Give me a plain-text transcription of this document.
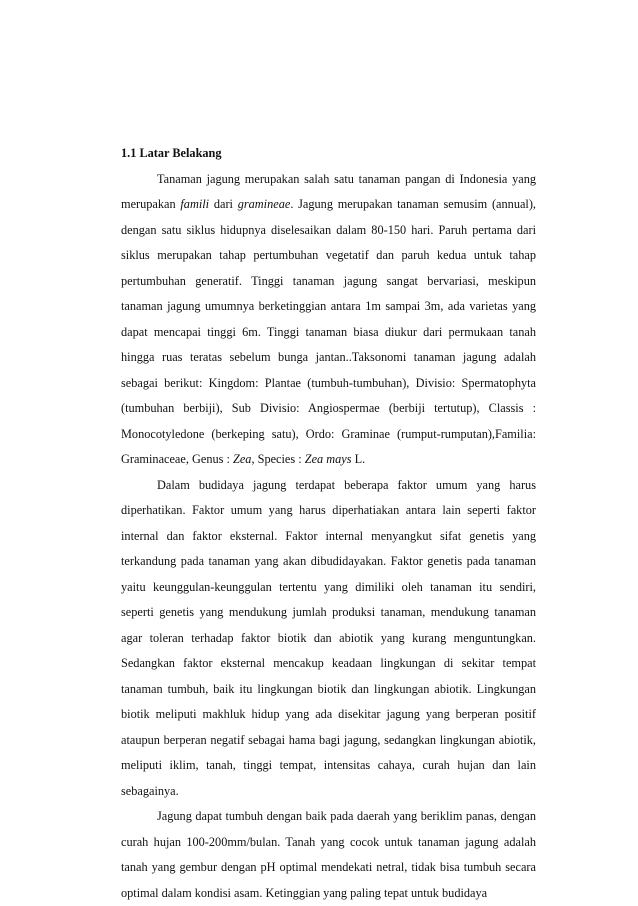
1.1 Latar Belakang

Tanaman jagung merupakan salah satu tanaman pangan di Indonesia yang merupakan famili dari gramineae. Jagung merupakan tanaman semusim (annual), dengan satu siklus hidupnya diselesaikan dalam 80-150 hari. Paruh pertama dari siklus merupakan tahap pertumbuhan vegetatif dan paruh kedua untuk tahap pertumbuhan generatif. Tinggi tanaman jagung sangat bervariasi, meskipun tanaman jagung umumnya berketinggian antara 1m sampai 3m, ada varietas yang dapat mencapai tinggi 6m. Tinggi tanaman biasa diukur dari permukaan tanah hingga ruas teratas sebelum bunga jantan..Taksonomi tanaman jagung adalah sebagai berikut: Kingdom: Plantae (tumbuh-tumbuhan), Divisio: Spermatophyta (tumbuhan berbiji), Sub Divisio: Angiospermae (berbiji tertutup), Classis : Monocotyledone (berkeping satu), Ordo: Graminae (rumput-rumputan),Familia: Graminaceae, Genus : Zea, Species : Zea mays L.

Dalam budidaya jagung terdapat beberapa faktor umum yang harus diperhatikan. Faktor umum yang harus diperhatiakan antara lain seperti faktor internal dan faktor eksternal. Faktor internal menyangkut sifat genetis yang terkandung pada tanaman yang akan dibudidayakan. Faktor genetis pada tanaman yaitu keunggulan-keunggulan tertentu yang dimiliki oleh tanaman itu sendiri, seperti genetis yang mendukung jumlah produksi tanaman, mendukung tanaman agar toleran terhadap faktor biotik dan abiotik yang kurang menguntungkan. Sedangkan faktor eksternal mencakup keadaan lingkungan di sekitar tempat tanaman tumbuh, baik itu lingkungan biotik dan lingkungan abiotik. Lingkungan biotik meliputi makhluk hidup yang ada disekitar jagung yang berperan positif ataupun berperan negatif sebagai hama bagi jagung, sedangkan lingkungan abiotik, meliputi iklim, tanah, tinggi tempat, intensitas cahaya, curah hujan dan lain sebagainya.

Jagung dapat tumbuh dengan baik pada daerah yang beriklim panas, dengan curah hujan 100-200mm/bulan. Tanah yang cocok untuk tanaman jagung adalah tanah yang gembur dengan pH optimal mendekati netral, tidak bisa tumbuh secara optimal dalam kondisi asam. Ketinggian yang paling tepat untuk budidaya
